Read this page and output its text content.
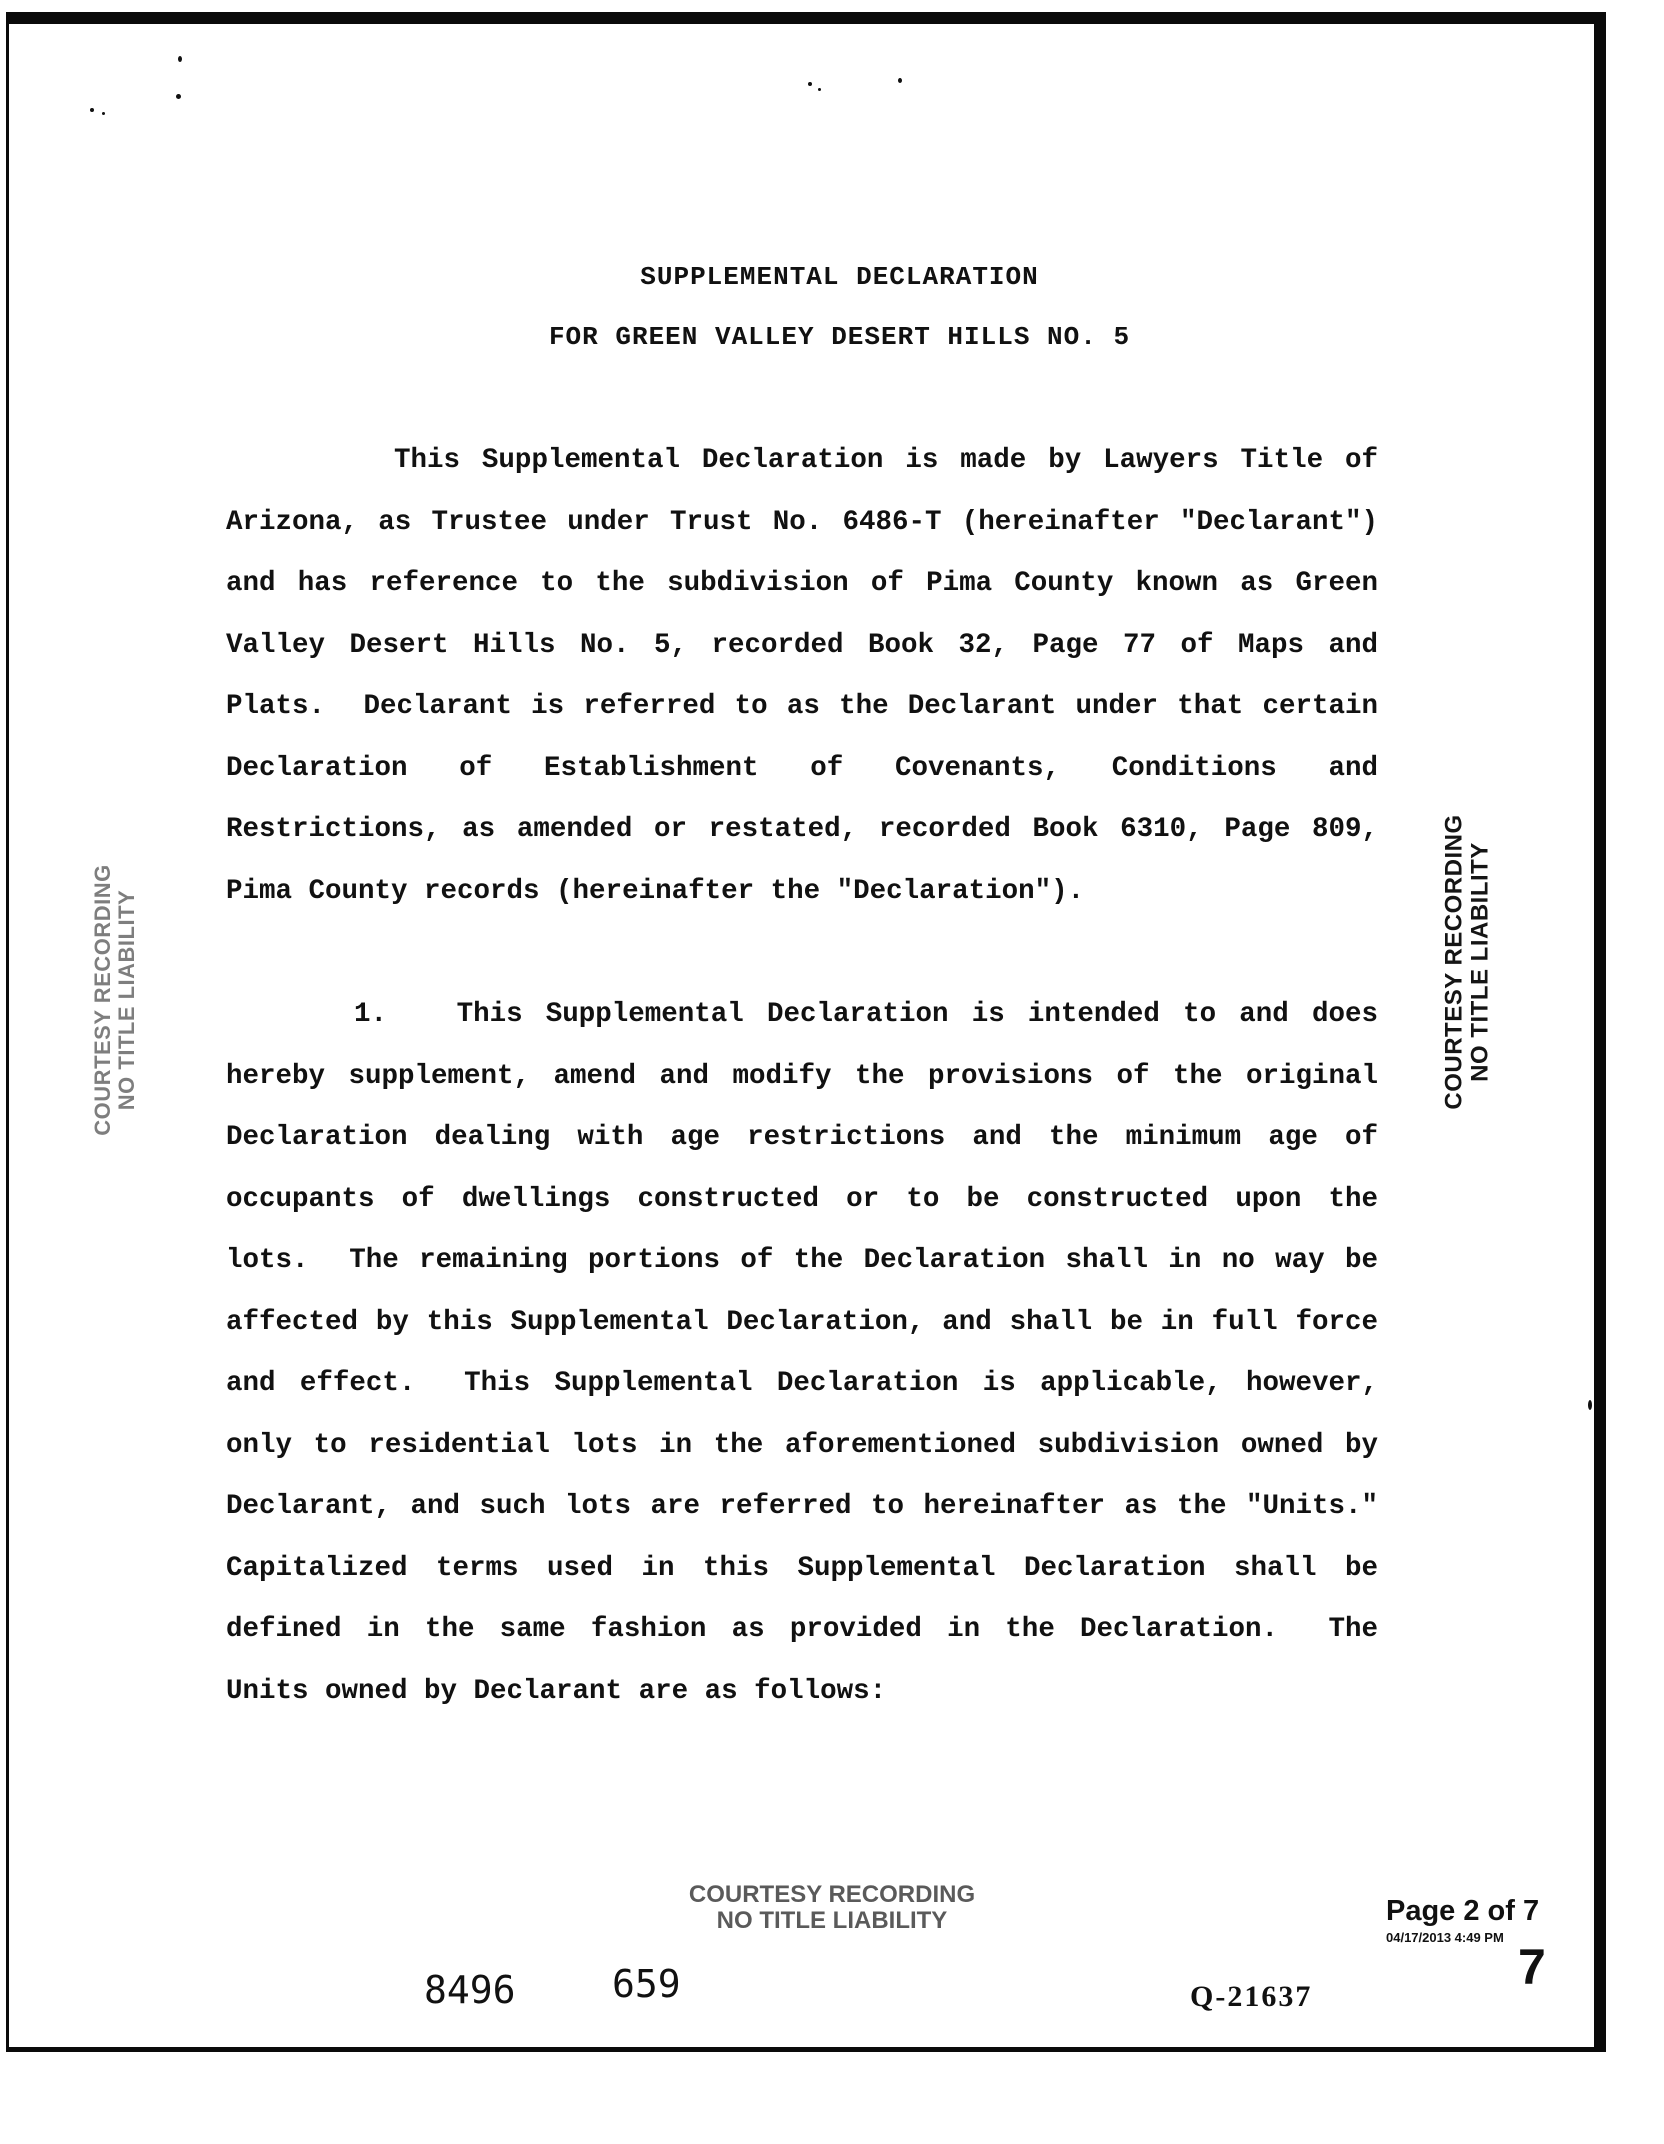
SUPPLEMENTAL DECLARATION
FOR GREEN VALLEY DESERT HILLS NO. 5
This Supplemental Declaration is made by Lawyers Title of Arizona, as Trustee under Trust No. 6486-T (hereinafter "Declarant") and has reference to the subdivision of Pima County known as Green Valley Desert Hills No. 5, recorded Book 32, Page 77 of Maps and Plats.  Declarant is referred to as the Declarant under that certain Declaration of Establishment of Covenants, Conditions and Restrictions, as amended or restated, recorded Book 6310, Page 809, Pima County records (hereinafter the "Declaration").
1.   This Supplemental Declaration is intended to and does hereby supplement, amend and modify the provisions of the original Declaration dealing with age restrictions and the minimum age of occupants of dwellings constructed or to be constructed upon the lots.  The remaining portions of the Declaration shall in no way be affected by this Supplemental Declaration, and shall be in full force and effect.  This Supplemental Declaration is applicable, however, only to residential lots in the aforementioned subdivision owned by Declarant, and such lots are referred to hereinafter as the "Units."  Capitalized terms used in this Supplemental Declaration shall be defined in the same fashion as provided in the Declaration.  The Units owned by Declarant are as follows:
COURTESY RECORDING NO TITLE LIABILITY	COURTESY RECORDING NO TITLE LIABILITY
COURTESY RECORDING
NO TITLE LIABILITY	Page 2 of 7
04/17/2013 4:49 PM
7
8496	659	Q-21637
